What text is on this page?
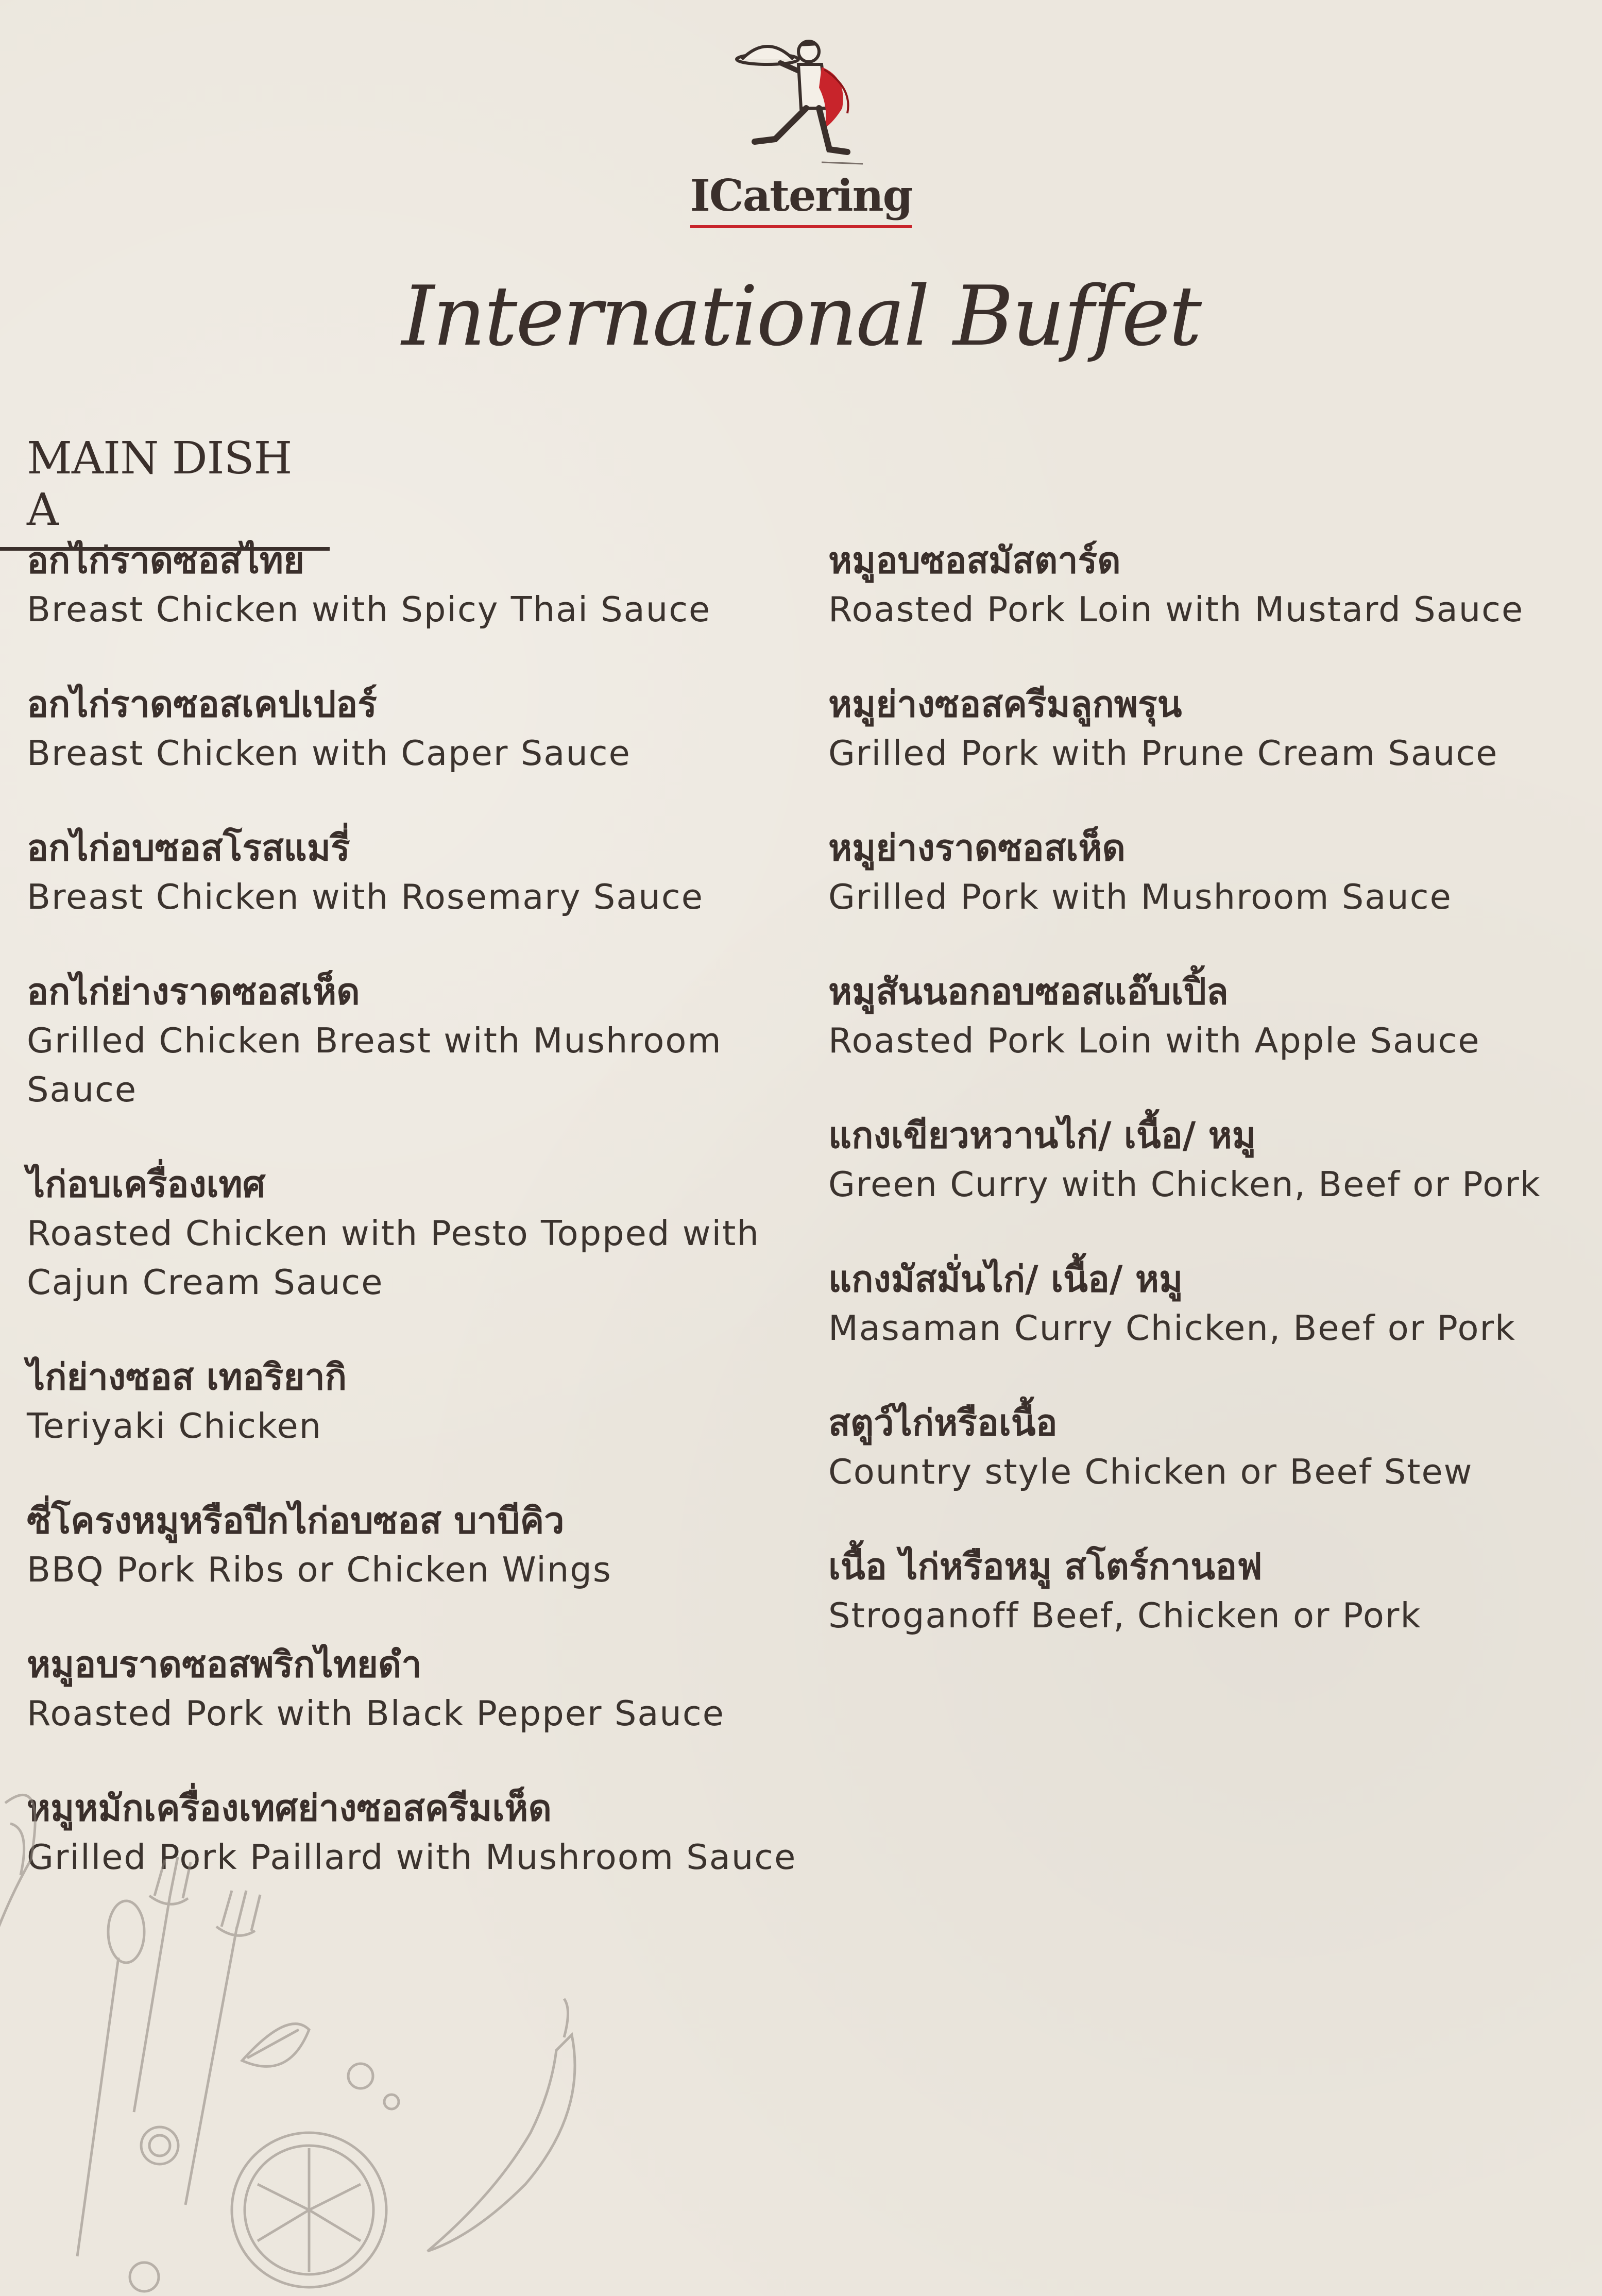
ICatering
International Buffet
MAIN DISH A
อกไก่ราดซอสไทย
Breast Chicken with Spicy Thai Sauce
อกไก่ราดซอสเคปเปอร์
Breast Chicken with Caper Sauce
อกไก่อบซอสโรสแมรี่
Breast Chicken with Rosemary Sauce
อกไก่ย่างราดซอสเห็ด
Grilled Chicken Breast with Mushroom Sauce
ไก่อบเครื่องเทศ
Roasted Chicken with Pesto Topped with Cajun Cream Sauce
ไก่ย่างซอส เทอริยากิ
Teriyaki Chicken
ซี่โครงหมูหรือปีกไก่อบซอส บาบีคิว
BBQ Pork Ribs or Chicken Wings
หมูอบราดซอสพริกไทยดำ
Roasted Pork with Black Pepper Sauce
หมูหมักเครื่องเทศย่างซอสครีมเห็ด
Grilled Pork Paillard with Mushroom Sauce
หมูอบซอสมัสตาร์ด
Roasted Pork Loin with Mustard Sauce
หมูย่างซอสครีมลูกพรุน
Grilled Pork with Prune Cream Sauce
หมูย่างราดซอสเห็ด
Grilled Pork with Mushroom Sauce
หมูสันนอกอบซอสแอ๊บเปิ้ล
Roasted Pork Loin with Apple Sauce
แกงเขียวหวานไก่/ เนื้อ/ หมู
Green Curry with Chicken, Beef or Pork
แกงมัสมั่นไก่/ เนื้อ/ หมู
Masaman Curry Chicken, Beef or Pork
สตูว์ไก่หรือเนื้อ
Country style Chicken or Beef Stew
เนื้อ ไก่หรือหมู สโตร์กานอฟ
Stroganoff Beef, Chicken or Pork
